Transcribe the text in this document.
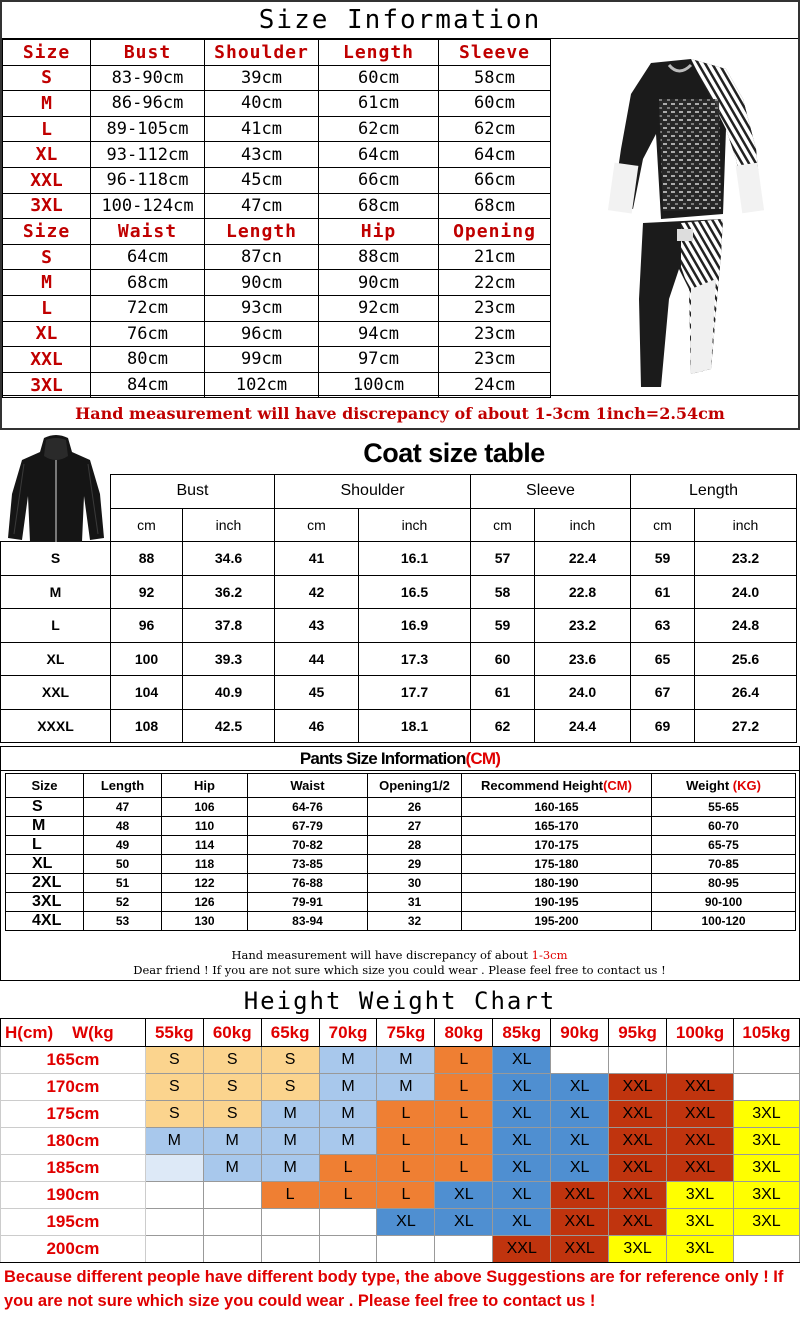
Size Information
Size	Bust	Shoulder	Length	Sleeve
S	83-90cm	39cm	60cm	58cm
M	86-96cm	40cm	61cm	60cm
L	89-105cm	41cm	62cm	62cm
XL	93-112cm	43cm	64cm	64cm
XXL	96-118cm	45cm	66cm	66cm
3XL	100-124cm	47cm	68cm	68cm
Size	Waist	Length	Hip	Opening
S	64cm	87cn	88cm	21cm
M	68cm	90cm	90cm	22cm
L	72cm	93cm	92cm	23cm
XL	76cm	96cm	94cm	23cm
XXL	80cm	99cm	97cm	23cm
3XL	84cm	102cm	100cm	24cm
Hand measurement will have discrepancy of about 1-3cm 1inch=2.54cm
	Bust		Shoulder		Sleeve		Length	
	cm	inch	cm	inch	cm	inch	cm	inch
S	88	34.6	41	16.1	57	22.4	59	23.2
M	92	36.2	42	16.5	58	22.8	61	24.0
L	96	37.8	43	16.9	59	23.2	63	24.8
XL	100	39.3	44	17.3	60	23.6	65	25.6
XXL	104	40.9	45	17.7	61	24.0	67	26.4
XXXL	108	42.5	46	18.1	62	24.4	69	27.2
Coat size table
Pants Size Information(CM)
Size	Length	Hip	Waist	Opening1/2	Recommend Height(CM)	Weight (KG)
S	47	106	64-76	26	160-165	55-65
M	48	110	67-79	27	165-170	60-70
L	49	114	70-82	28	170-175	65-75
XL	50	118	73-85	29	175-180	70-85
2XL	51	122	76-88	30	180-190	80-95
3XL	52	126	79-91	31	190-195	90-100
4XL	53	130	83-94	32	195-200	100-120
Hand measurement will have discrepancy of about 1-3cm
Dear friend ! If you are not sure which size you could wear . Please feel free to contact us !
Height Weight Chart
H(cm) W(kg	55kg	60kg	65kg	70kg	75kg	80kg	85kg	90kg	95kg	100kg	105kg
165cm	S	S	S	M	M	L	XL				
170cm	S	S	S	M	M	L	XL	XL	XXL	XXL	
175cm	S	S	M	M	L	L	XL	XL	XXL	XXL	3XL
180cm	M	M	M	M	L	L	XL	XL	XXL	XXL	3XL
185cm		M	M	L	L	L	XL	XL	XXL	XXL	3XL
190cm			L	L	L	XL	XL	XXL	XXL	3XL	3XL
195cm					XL	XL	XL	XXL	XXL	3XL	3XL
200cm							XXL	XXL	3XL	3XL	
Because different people have different body type, the above Suggestions are for reference only ! If you are not sure which size you could wear . Please feel free to contact us !
